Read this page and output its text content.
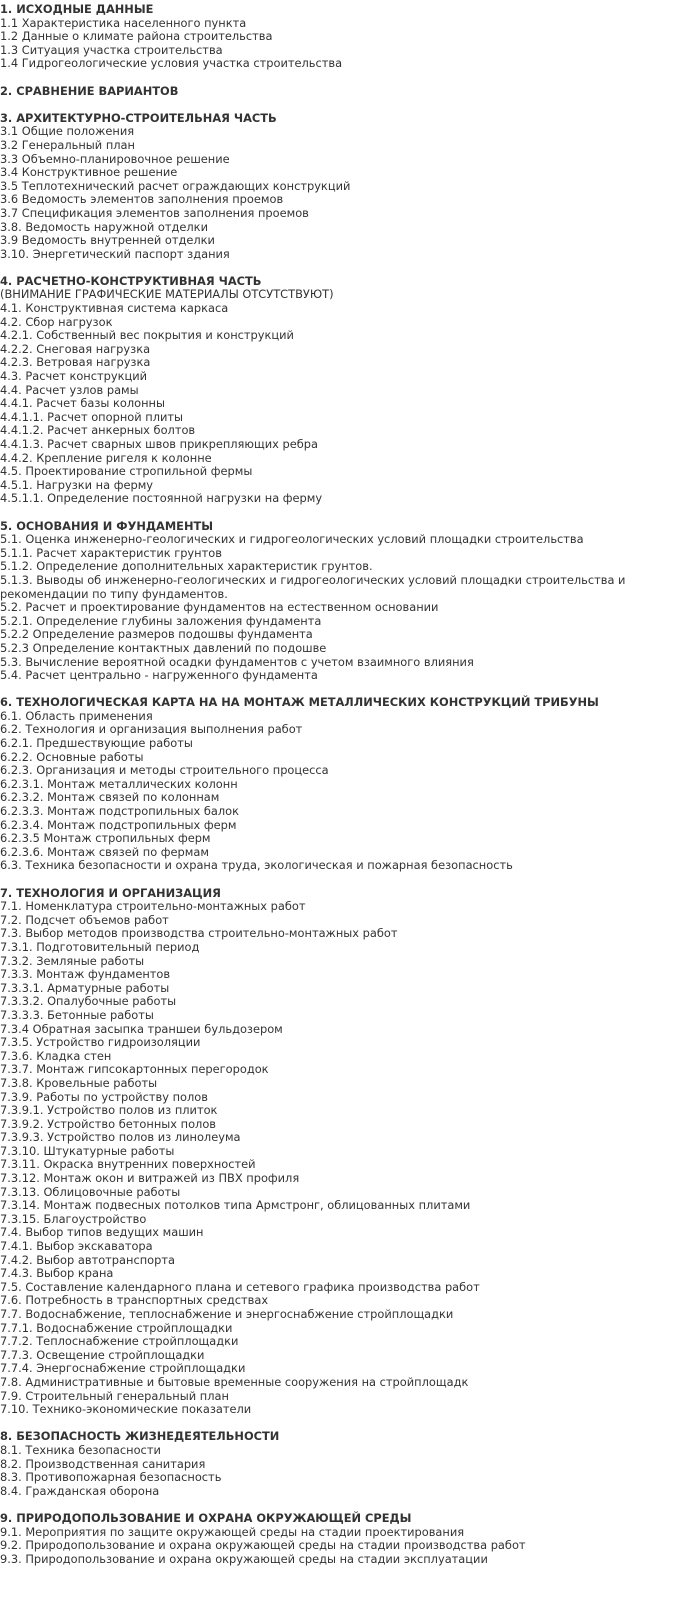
1. ИСХОДНЫЕ ДАННЫЕ
1.1 Характеристика населенного пункта
1.2 Данные о климате района строительства
1.3 Ситуация участка строительства
1.4 Гидрогеологические условия участка строительства
2. СРАВНЕНИЕ ВАРИАНТОВ
3. АРХИТЕКТУРНО-СТРОИТЕЛЬНАЯ ЧАСТЬ
3.1 Общие положения
3.2 Генеральный план
3.3 Объемно-планировочное решение
3.4 Конструктивное решение
3.5 Теплотехнический расчет ограждающих конструкций
3.6 Ведомость элементов заполнения проемов
3.7 Спецификация элементов заполнения проемов
3.8. Ведомость наружной отделки
3.9 Ведомость внутренней отделки
3.10. Энергетический паспорт здания
4. РАСЧЕТНО-КОНСТРУКТИВНАЯ ЧАСТЬ
(ВНИМАНИЕ ГРАФИЧЕСКИЕ МАТЕРИАЛЫ ОТСУТСТВУЮТ)
4.1. Конструктивная система каркаса
4.2. Сбор нагрузок
4.2.1. Собственный вес покрытия и конструкций
4.2.2. Снеговая нагрузка
4.2.3. Ветровая нагрузка
4.3. Расчет конструкций
4.4. Расчет узлов рамы
4.4.1. Расчет базы колонны
4.4.1.1. Расчет опорной плиты
4.4.1.2. Расчет анкерных болтов
4.4.1.3. Расчет сварных швов прикрепляющих ребра
4.4.2. Крепление ригеля к колонне
4.5. Проектирование стропильной фермы
4.5.1. Нагрузки на ферму
4.5.1.1. Определение постоянной нагрузки на ферму
5. ОСНОВАНИЯ И ФУНДАМЕНТЫ
5.1. Оценка инженерно-геологических и гидрогеологических условий площадки строительства
5.1.1. Расчет характеристик грунтов
5.1.2. Определение дополнительных характеристик грунтов.
5.1.3. Выводы об инженерно-геологических и гидрогеологических условий площадки строительства и рекомендации по типу фундаментов.
5.2. Расчет и проектирование фундаментов на естественном основании
5.2.1. Определение глубины заложения фундамента
5.2.2 Определение размеров подошвы фундамента
5.2.3 Определение контактных давлений по подошве
5.3. Вычисление вероятной осадки фундаментов с учетом взаимного влияния
5.4. Расчет центрально - нагруженного фундамента
6. ТЕХНОЛОГИЧЕСКАЯ КАРТА НА НА МОНТАЖ МЕТАЛЛИЧЕСКИХ КОНСТРУКЦИЙ ТРИБУНЫ
6.1. Область применения
6.2. Технология и организация выполнения работ
6.2.1. Предшествующие работы
6.2.2. Основные работы
6.2.3. Организация и методы строительного процесса
6.2.3.1. Монтаж металлических колонн
6.2.3.2. Монтаж связей по колоннам
6.2.3.3. Монтаж подстропильных балок
6.2.3.4. Монтаж подстропильных ферм
6.2.3.5 Монтаж стропильных ферм
6.2.3.6. Монтаж связей по фермам
6.3. Техника безопасности и охрана труда, экологическая и пожарная безопасность
7. ТЕХНОЛОГИЯ И ОРГАНИЗАЦИЯ
7.1. Номенклатура строительно-монтажных работ
7.2. Подсчет объемов работ
7.3. Выбор методов производства строительно-монтажных работ
7.3.1. Подготовительный период
7.3.2. Земляные работы
7.3.3. Монтаж фундаментов
7.3.3.1. Арматурные работы
7.3.3.2. Опалубочные работы
7.3.3.3. Бетонные работы
7.3.4 Обратная засыпка траншеи бульдозером
7.3.5. Устройство гидроизоляции
7.3.6. Кладка стен
7.3.7. Монтаж гипсокартонных перегородок
7.3.8. Кровельные работы
7.3.9. Работы по устройству полов
7.3.9.1. Устройство полов из плиток
7.3.9.2. Устройство бетонных полов
7.3.9.3. Устройство полов из линолеума
7.3.10. Штукатурные работы
7.3.11. Окраска внутренних поверхностей
7.3.12. Монтаж окон и витражей из ПВХ профиля
7.3.13. Облицовочные работы
7.3.14. Монтаж подвесных потолков типа Армстронг, облицованных плитами
7.3.15. Благоустройство
7.4. Выбор типов ведущих машин
7.4.1. Выбор экскаватора
7.4.2. Выбор автотранспорта
7.4.3. Выбор крана
7.5. Составление календарного плана и сетевого графика производства работ
7.6. Потребность в транспортных средствах
7.7. Водоснабжение, теплоснабжение и энергоснабжение стройплощадки
7.7.1. Водоснабжение стройплощадки
7.7.2. Теплоснабжение стройплощадки
7.7.3. Освещение стройплощадки
7.7.4. Энергоснабжение стройплощадки
7.8. Административные и бытовые временные сооружения на стройплощадк
7.9. Строительный генеральный план
7.10. Технико-экономические показатели
8. БЕЗОПАСНОСТЬ ЖИЗНЕДЕЯТЕЛЬНОСТИ
8.1. Техника безопасности
8.2. Производственная санитария
8.3. Противопожарная безопасность
8.4. Гражданская оборона
9. ПРИРОДОПОЛЬЗОВАНИЕ И ОХРАНА ОКРУЖАЮЩЕЙ СРЕДЫ
9.1. Мероприятия по защите окружающей среды на стадии проектирования
9.2. Природопользование и охрана окружающей среды на стадии производства работ
9.3. Природопользование и охрана окружающей среды на стадии эксплуатации
